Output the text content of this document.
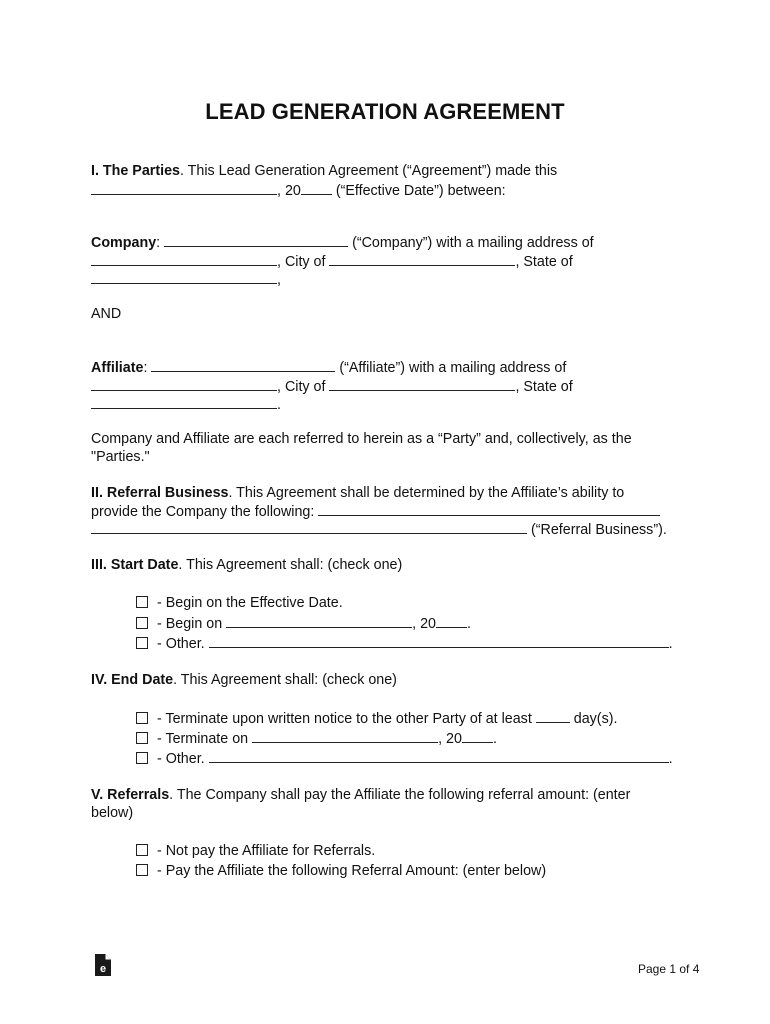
LEAD GENERATION AGREEMENT
I. The Parties. This Lead Generation Agreement (“Agreement”) made this
, 20 (“Effective Date”) between:
Company:	(“Company”) with a mailing address of
, City of	, State of
,
AND
Affiliate:	(“Affiliate”) with a mailing address of
, City of	, State of
.
Company and Affiliate are each referred to herein as a “Party” and, collectively, as the
"Parties."
II. Referral Business. This Agreement shall be determined by the Affiliate’s ability to
provide the Company the following:
(“Referral Business”).
III. Start Date. This Agreement shall: (check one)
- Begin on the Effective Date.
- Begin on	, 20 .
- Other.	.
IV. End Date. This Agreement shall: (check one)
- Terminate upon written notice to the other Party of at least  day(s).
- Terminate on	, 20 .
- Other.	.
V. Referrals. The Company shall pay the Affiliate the following referral amount: (enter
below)
- Not pay the Affiliate for Referrals.
- Pay the Affiliate the following Referral Amount: (enter below)
e	Page 1 of 4
